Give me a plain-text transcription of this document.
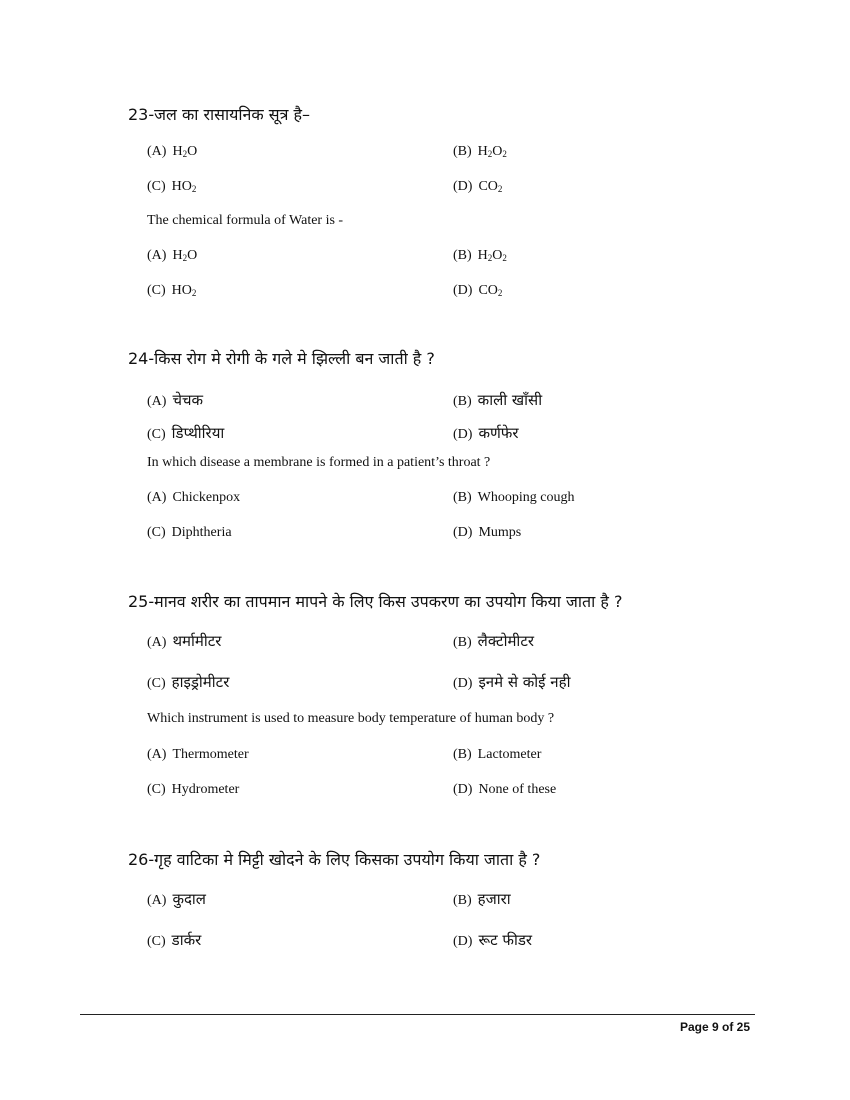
23-जल का रासायनिक सूत्र है–
(A) $H_2O$	(B) $H_2O_2$
(C) $HO_2$	(D) $CO_2$
The chemical formula of Water is -
(A) $H_2O$	(B) $H_2O_2$
(C) $HO_2$	(D) $CO_2$
24-किस रोग मे रोगी के गले मे झिल्ली बन जाती है ?
(A) चेचक	(B) काली खाँसी
(C) डिप्थीरिया	(D) कर्णफेर
In which disease a membrane is formed in a patient’s throat ?
(A) Chickenpox	(B) Whooping cough
(C) Diphtheria	(D) Mumps
25-मानव शरीर का तापमान मापने के लिए किस उपकरण का उपयोग किया जाता है ?
(A) थर्मामीटर	(B) लैक्टोमीटर
(C) हाइड्रोमीटर	(D) इनमे से कोई नही
Which instrument is used to measure body temperature of human body ?
(A) Thermometer	(B) Lactometer
(C) Hydrometer	(D) None of these
26-गृह वाटिका मे मिट्टी खोदने के लिए किसका उपयोग किया जाता है ?
(A) कुदाल	(B) हजारा
(C) डार्कर	(D) रूट फीडर
Page 9 of 25
